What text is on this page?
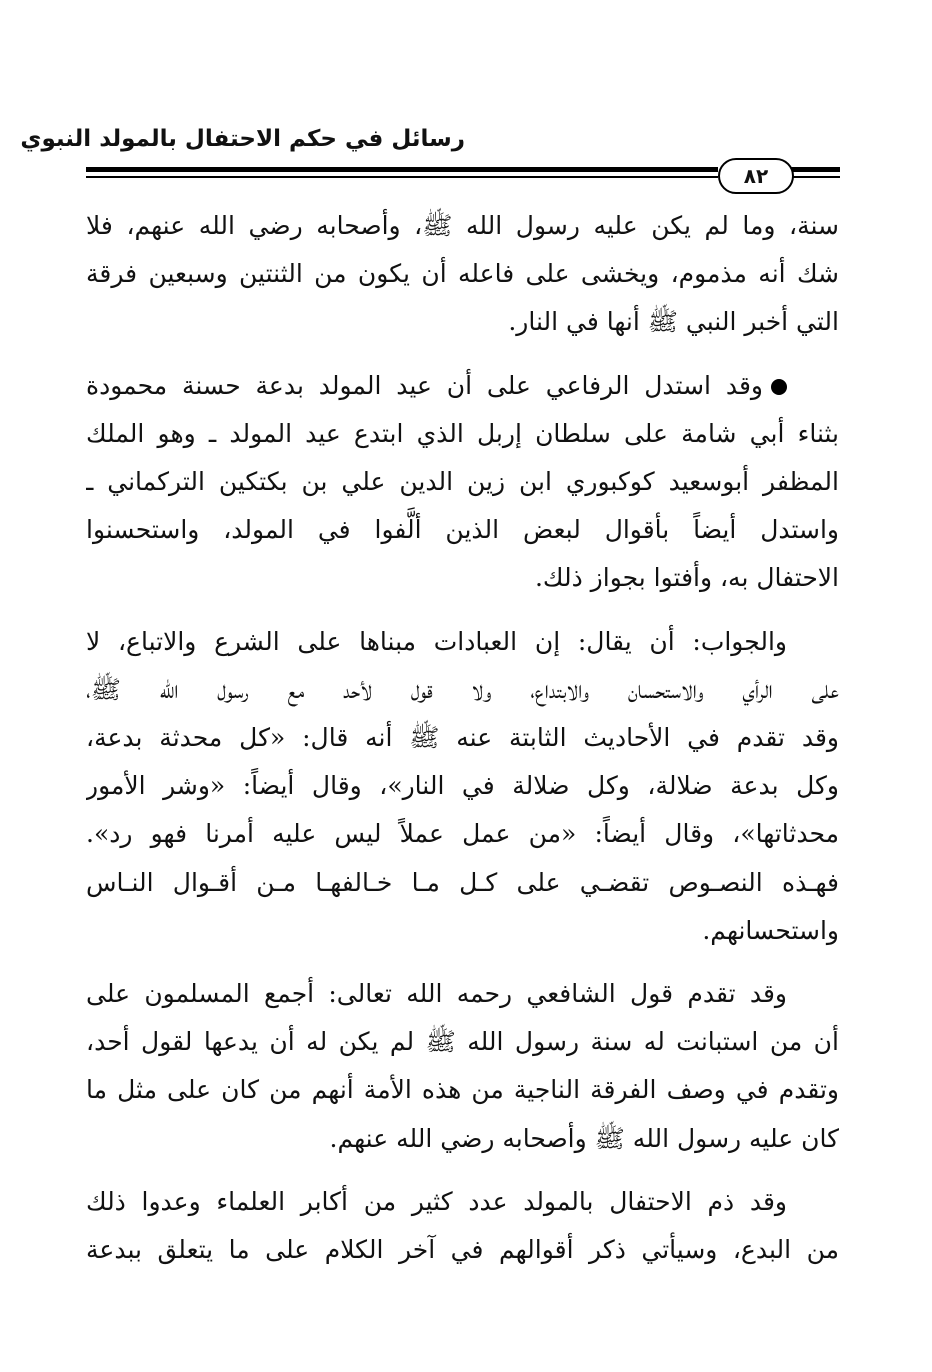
رسائل في حكم الاحتفال بالمولد النبوي
٨٢

سنة، وما لم يكن عليه رسول الله ﷺ، وأصحابه رضي الله عنهم، فلا
شك أنه مذموم، ويخشى على فاعله أن يكون من الثنتين وسبعين فرقة
التي أخبر النبي ﷺ أنها في النار.

وقد استدل الرفاعي على أن عيد المولد بدعة حسنة محمودة
بثناء أبي شامة على سلطان إربل الذي ابتدع عيد المولد ـ وهو الملك
المظفر أبوسعيد كوكبوري ابن زين الدين علي بن بكتكين التركماني ـ
واستدل أيضاً بأقوال لبعض الذين ألَّفوا في المولد، واستحسنوا
الاحتفال به، وأفتوا بجواز ذلك.

والجواب: أن يقال: إن العبادات مبناها على الشرع والاتباع، لا
على الرأي والاستحسان والابتداع، ولا قول لأحد مع رسول الله ﷺ،
وقد تقدم في الأحاديث الثابتة عنه ﷺ أنه قال: «كل محدثة بدعة،
وكل بدعة ضلالة، وكل ضلالة في النار»، وقال أيضاً: «وشر الأمور
محدثاتها»، وقال أيضاً: «من عمل عملاً ليس عليه أمرنا فهو رد».
فهـذه النصـوص تقضـي على كـل مـا خـالفهـا مـن أقـوال النـاس
واستحسانهم.

وقد تقدم قول الشافعي رحمه الله تعالى: أجمع المسلمون على
أن من استبانت له سنة رسول الله ﷺ لم يكن له أن يدعها لقول أحد،
وتقدم في وصف الفرقة الناجية من هذه الأمة أنهم من كان على مثل ما
كان عليه رسول الله ﷺ وأصحابه رضي الله عنهم.

وقد ذم الاحتفال بالمولد عدد كثير من أكابر العلماء وعدوا ذلك
من البدع، وسيأتي ذكر أقوالهم في آخر الكلام على ما يتعلق ببدعة
